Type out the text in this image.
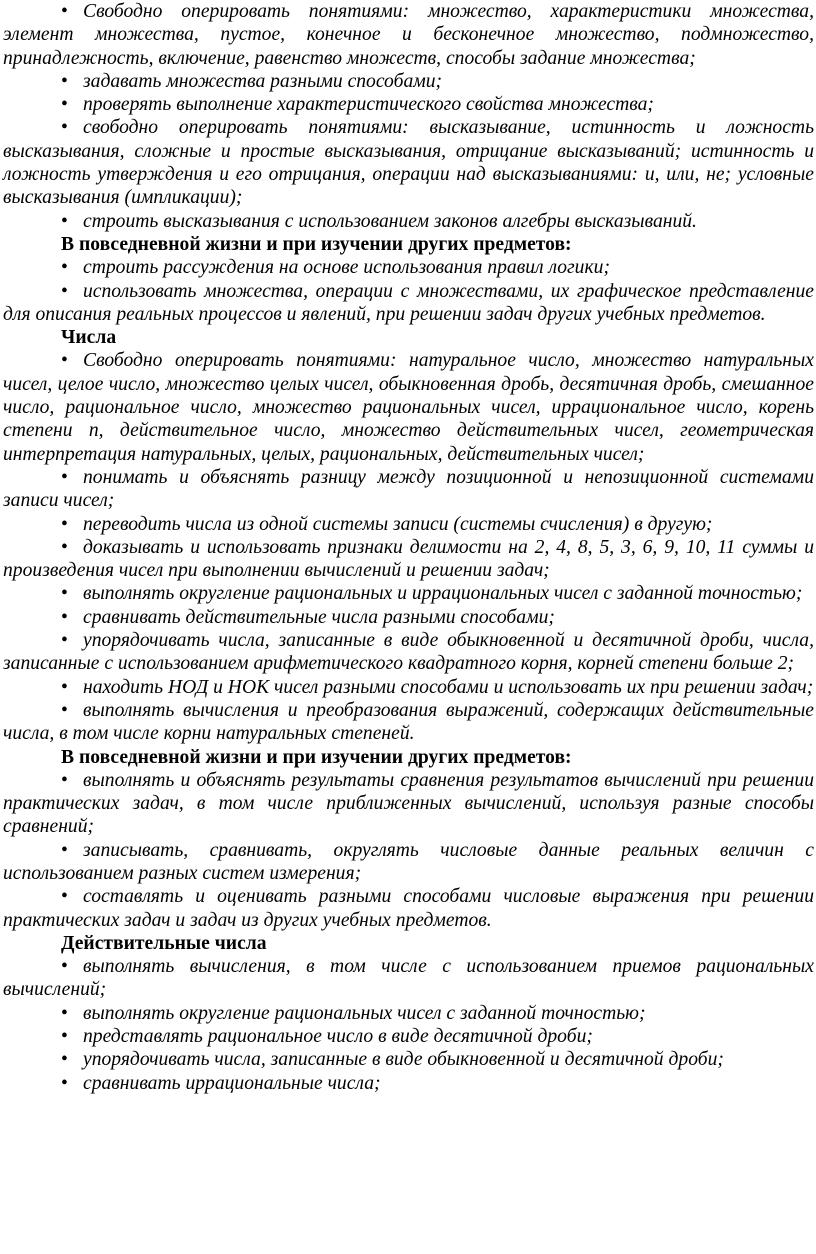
• Свободно оперировать понятиями: множество, характеристики множества, элемент множества, пустое, конечное и бесконечное множество, подмножество, принадлежность, включение, равенство множеств, способы задание множества;

• задавать множества разными способами;

• проверять выполнение характеристического свойства множества;

• свободно оперировать понятиями: высказывание, истинность и ложность высказывания, сложные и простые высказывания, отрицание высказываний; истинность и ложность утверждения и его отрицания, операции над высказываниями: и, или, не; условные высказывания (импликации);

• строить высказывания с использованием законов алгебры высказываний.

В повседневной жизни и при изучении других предметов:

• строить рассуждения на основе использования правил логики;

• использовать множества, операции с множествами, их графическое представление для описания реальных процессов и явлений, при решении задач других учебных предметов.

Числа

• Свободно оперировать понятиями: натуральное число, множество натуральных чисел, целое число, множество целых чисел, обыкновенная дробь, десятичная дробь, смешанное число, рациональное число, множество рациональных чисел, иррациональное число, корень степени n, действительное число, множество действительных чисел, геометрическая интерпретация натуральных, целых, рациональных, действительных чисел;

• понимать и объяснять разницу между позиционной и непозиционной системами записи чисел;

• переводить числа из одной системы записи (системы счисления) в другую;

• доказывать и использовать признаки делимости на 2, 4, 8, 5, 3, 6, 9, 10, 11 суммы и произведения чисел при выполнении вычислений и решении задач;

• выполнять округление рациональных и иррациональных чисел с заданной точностью;

• сравнивать действительные числа разными способами;

• упорядочивать числа, записанные в виде обыкновенной и десятичной дроби, числа, записанные с использованием арифметического квадратного корня, корней степени больше 2;

• находить НОД и НОК чисел разными способами и использовать их при решении задач;

• выполнять вычисления и преобразования выражений, содержащих действительные числа, в том числе корни натуральных степеней.

В повседневной жизни и при изучении других предметов:

• выполнять и объяснять результаты сравнения результатов вычислений при решении практических задач, в том числе приближенных вычислений, используя разные способы сравнений;

• записывать, сравнивать, округлять числовые данные реальных величин с использованием разных систем измерения;

• составлять и оценивать разными способами числовые выражения при решении практических задач и задач из других учебных предметов.

Действительные числа

• выполнять вычисления, в том числе с использованием приемов рациональных вычислений;

• выполнять округление рациональных чисел с заданной точностью;

• представлять рациональное число в виде десятичной дроби;

• упорядочивать числа, записанные в виде обыкновенной и десятичной дроби;

• сравнивать иррациональные числа;
